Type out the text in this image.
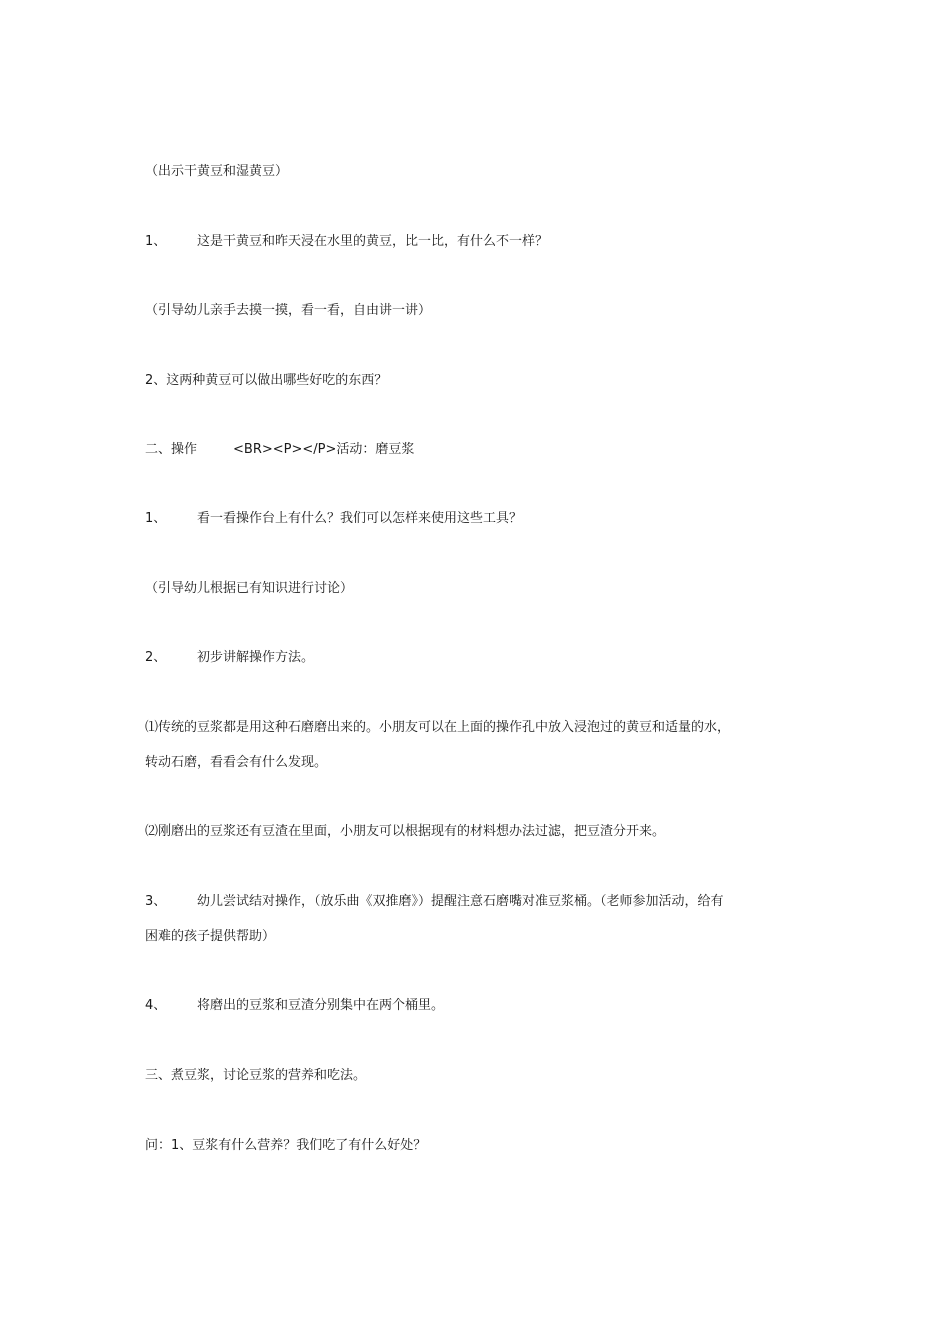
（出示干黄豆和湿黄豆）
1、 这是干黄豆和昨天浸在水里的黄豆，比一比，有什么不一样？
（引导幼儿亲手去摸一摸，看一看，自由讲一讲）
2、这两种黄豆可以做出哪些好吃的东西？
二、操作	<BR><P></P>活动：磨豆浆
1、 看一看操作台上有什么？我们可以怎样来使用这些工具？
（引导幼儿根据已有知识进行讨论）
2、 初步讲解操作方法。
⑴传统的豆浆都是用这种石磨磨出来的。小朋友可以在上面的操作孔中放入浸泡过的黄豆和适量的水，
转动石磨，看看会有什么发现。
⑵刚磨出的豆浆还有豆渣在里面，小朋友可以根据现有的材料想办法过滤，把豆渣分开来。
3、 幼儿尝试结对操作，（放乐曲《双推磨》）提醒注意石磨嘴对准豆浆桶。（老师参加活动，给有
困难的孩子提供帮助）
4、 将磨出的豆浆和豆渣分别集中在两个桶里。
三、煮豆浆，讨论豆浆的营养和吃法。
问：1、豆浆有什么营养？我们吃了有什么好处？
